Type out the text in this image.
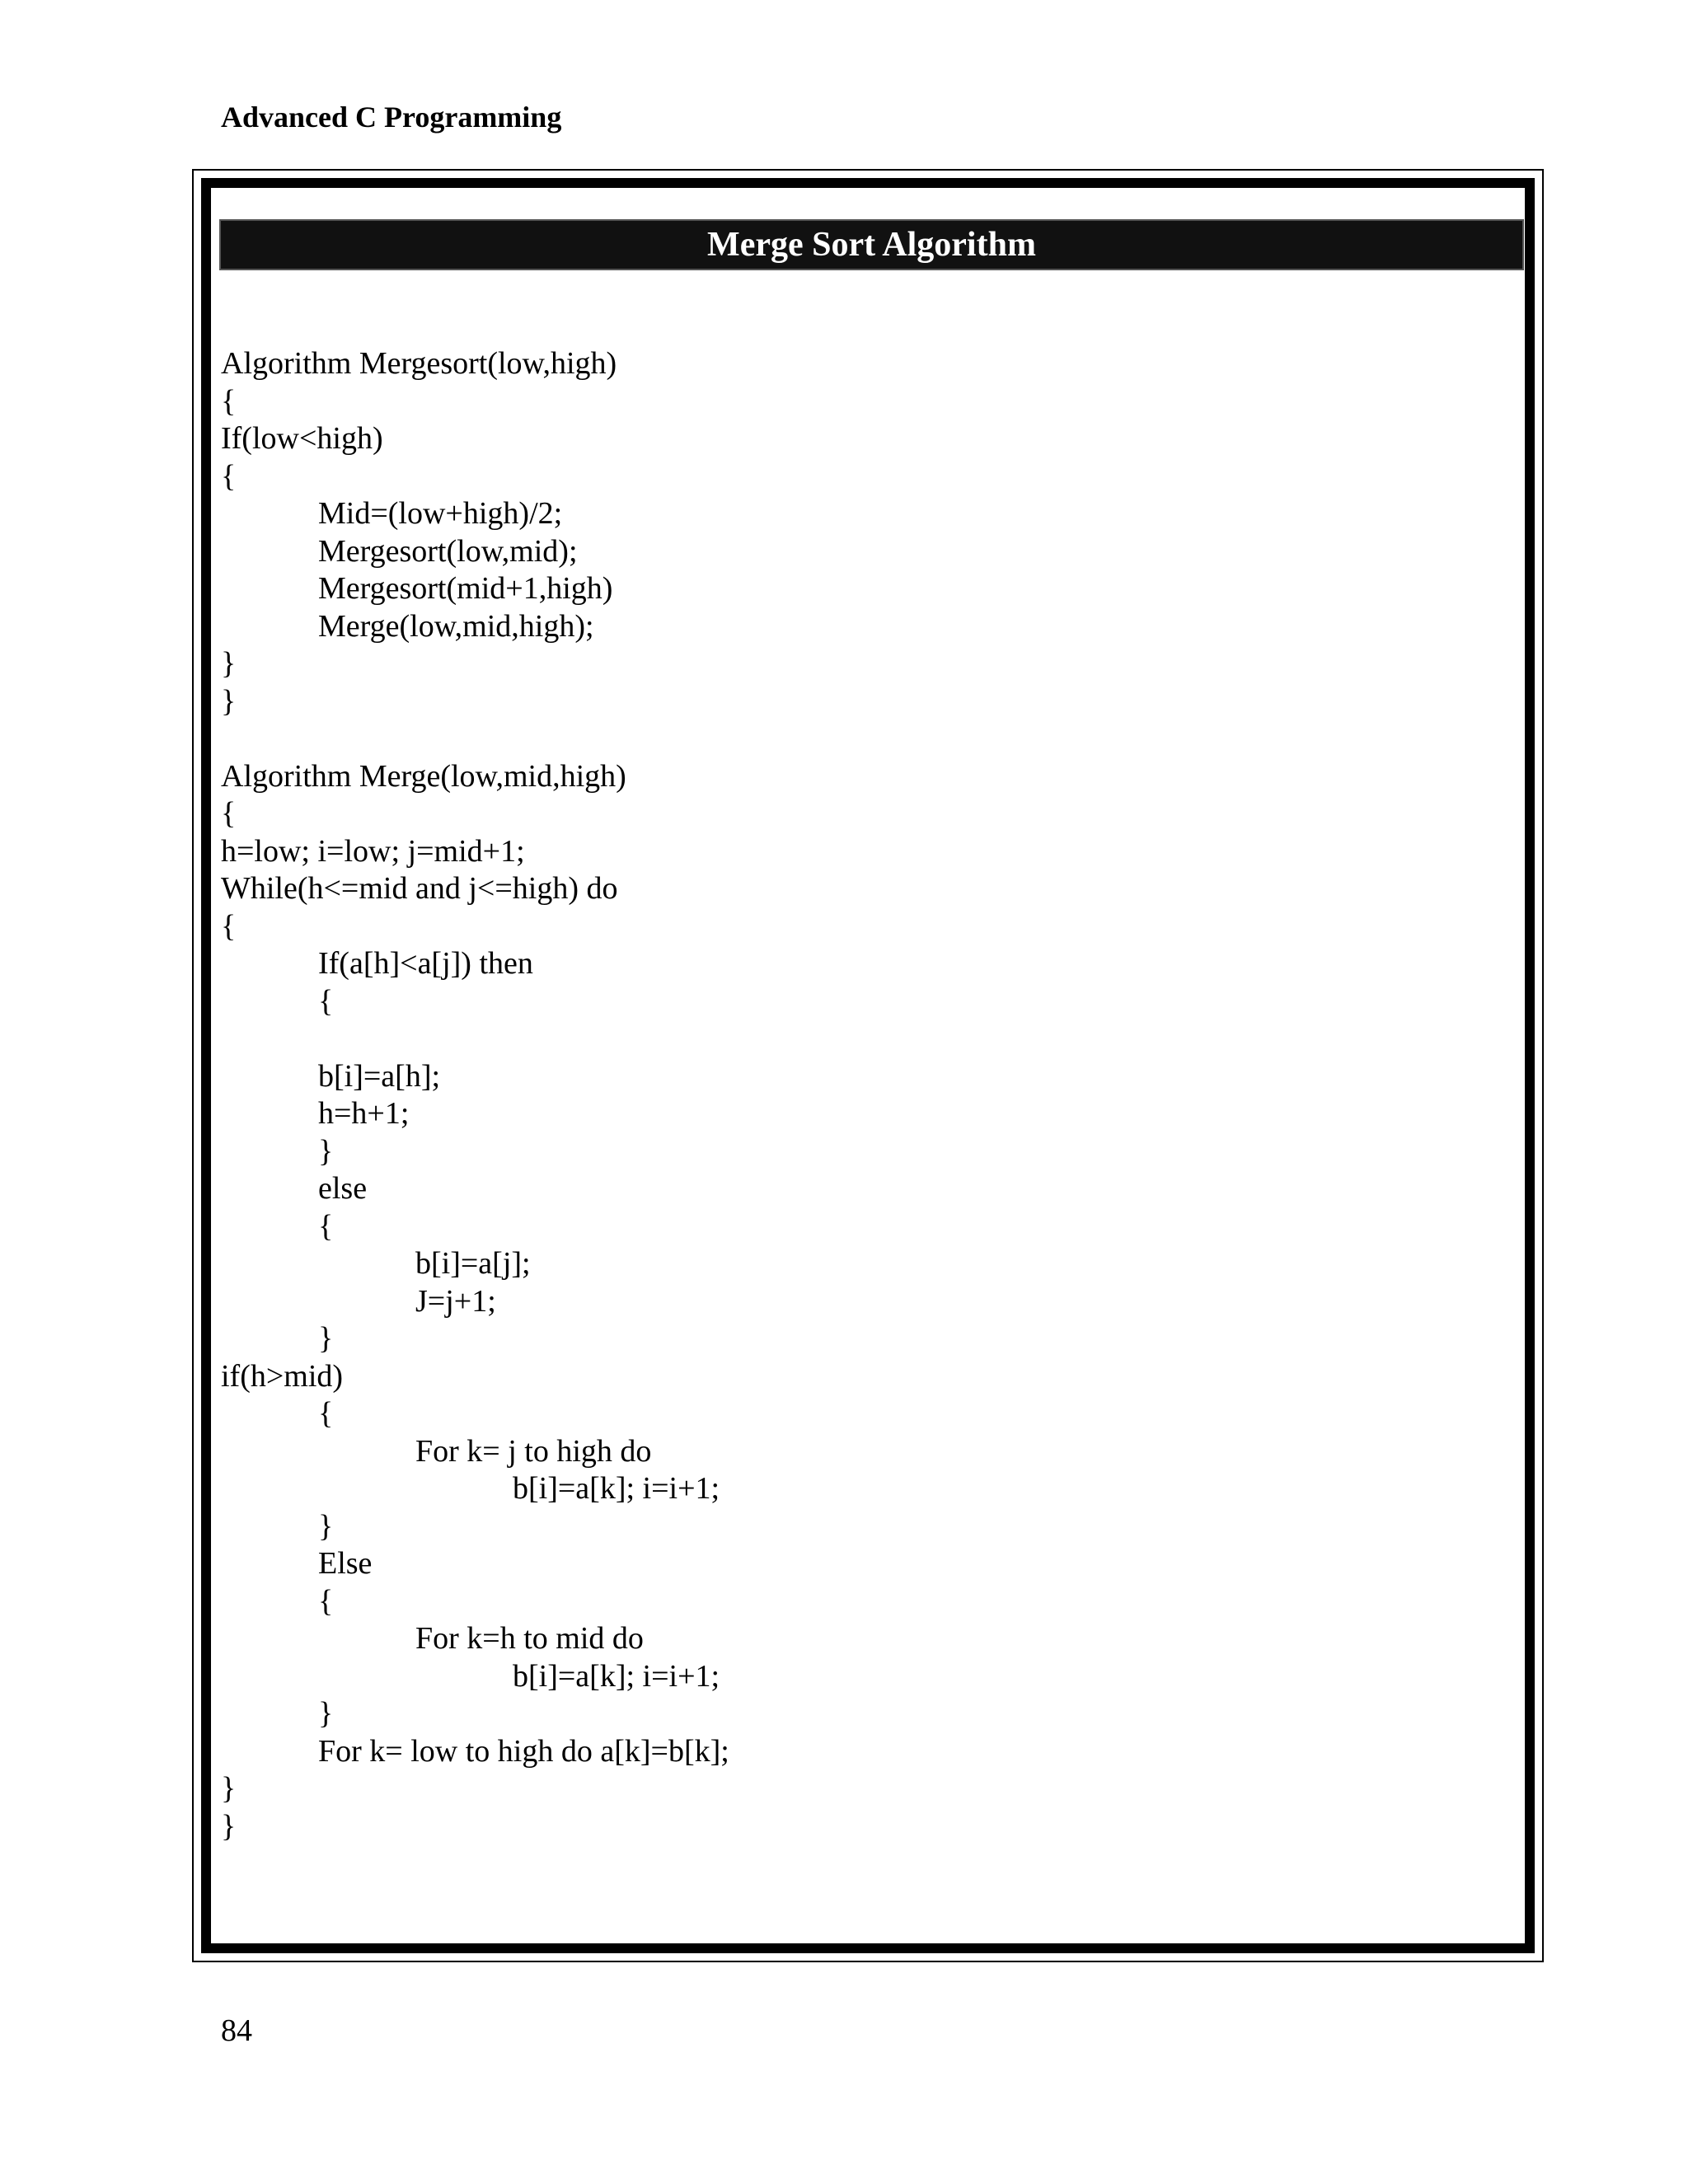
Advanced C Programming
Merge Sort Algorithm
Algorithm Mergesort(low,high)
{
If(low<high)
{
Mid=(low+high)/2;
Mergesort(low,mid);
Mergesort(mid+1,high)
Merge(low,mid,high);
}
}
Algorithm Merge(low,mid,high)
{
h=low; i=low; j=mid+1;
While(h<=mid and j<=high) do
{
If(a[h]<a[j]) then
{
b[i]=a[h];
h=h+1;
}
else
{
b[i]=a[j];
J=j+1;
}
if(h>mid)
{
For k= j to high do
b[i]=a[k]; i=i+1;
}
Else
{
For k=h to mid do
b[i]=a[k]; i=i+1;
}
For k= low to high do a[k]=b[k];
}
}
84
